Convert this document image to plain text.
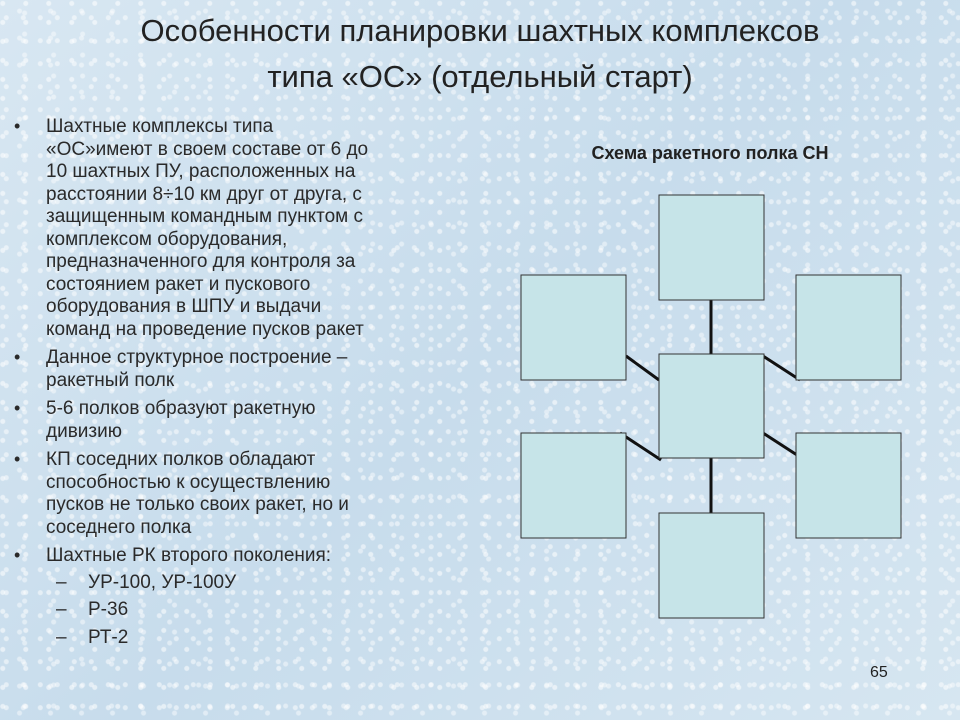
Особенности планировки шахтных комплексов
типа «ОС» (отдельный старт)
• Шахтные комплексы типа
«ОС»имеют в своем составе от 6 до
10 шахтных ПУ, расположенных на
расстоянии 8÷10 км друг от друга, с
защищенным командным пунктом с
комплексом оборудования,
предназначенного для контроля за
состоянием ракет и пускового
оборудования в ШПУ и выдачи
команд на проведение пусков ракет
• Данное структурное построение –
ракетный полк
• 5-6 полков образуют ракетную
дивизию
• КП соседних полков обладают
способностью к осуществлению
пусков не только своих ракет, но и
соседнего полка
• Шахтные РК второго поколения:
– УР-100, УР-100У
– Р-36
– РТ-2
Схема ракетного полка СН
65
